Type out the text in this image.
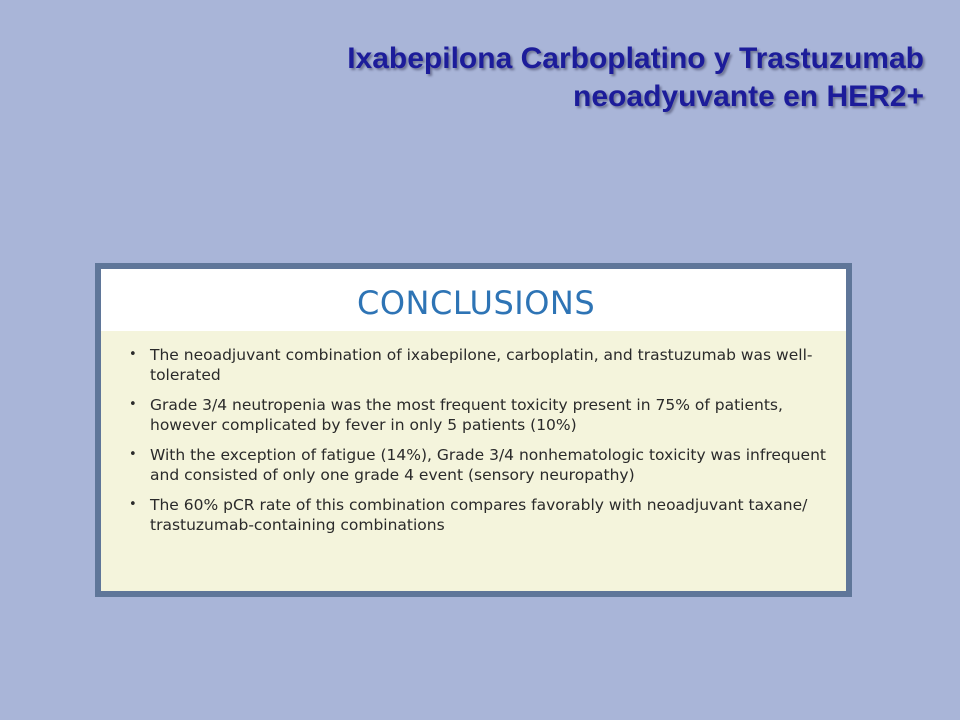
Ixabepilona Carboplatino y Trastuzumab
neoadyuvante en HER2+
CONCLUSIONS
• The neoadjuvant combination of ixabepilone, carboplatin, and trastuzumab was well-tolerated
• Grade 3/4 neutropenia was the most frequent toxicity present in 75% of patients, however complicated by fever in only 5 patients (10%)
• With the exception of fatigue (14%), Grade 3/4 nonhematologic toxicity was infrequent and consisted of only one grade 4 event (sensory neuropathy)
• The 60% pCR rate of this combination compares favorably with neoadjuvant taxane/ trastuzumab-containing combinations
